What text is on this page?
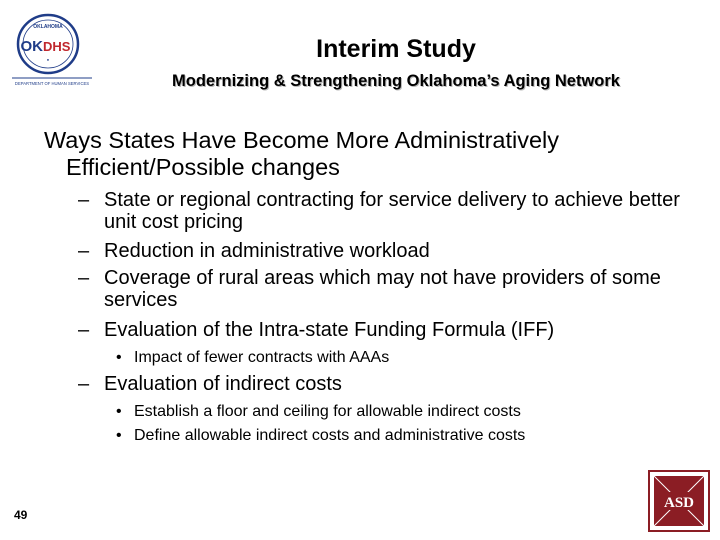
OKLAHOMA
OK DHS
●
DEPARTMENT OF HUMAN SERVICES
Interim Study
Modernizing & Strengthening Oklahoma’s Aging Network
Ways States Have Become More Administratively
Efficient/Possible changes
– State or regional contracting for service delivery to achieve better unit cost pricing
– Reduction in administrative workload
– Coverage of rural areas which may not have providers of some services
– Evaluation of the Intra-state Funding Formula (IFF)
• Impact of fewer contracts with AAAs
– Evaluation of indirect costs
• Establish a floor and ceiling for allowable indirect costs
• Define allowable indirect costs and administrative costs
49
ASD
